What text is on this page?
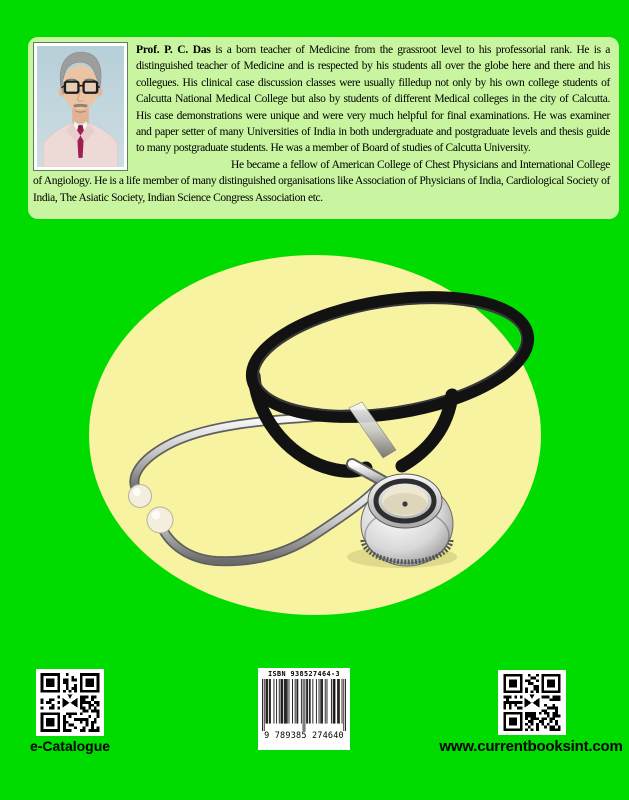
Prof. P. C. Das is a born teacher of Medicine from the grassroot level to his professorial rank. He is a distinguished teacher of Medicine and is respected by his students all over the globe here and there and his collegues. His clinical case discussion classes were usually filledup not only by his own college students of Calcutta National Medical College but also by students of different Medical colleges in the city of Calcutta. His case demonstrations were unique and were very much helpful for final examinations. He was examiner and paper setter of many Universities of India in both undergraduate and postgraduate levels and thesis guide to many postgraduate students. He was a member of Board of studies of Calcutta University.

He became a fellow of American College of Chest Physicians and International College of Angiology. He is a life member of many distinguished organisations like Association of Physicians of India, Cardiological Society of India, The Asiatic Society, Indian Science Congress Association etc.

e-Catalogue
ISBN 938527464-3
9 789385 274640
www.currentbooksint.com
